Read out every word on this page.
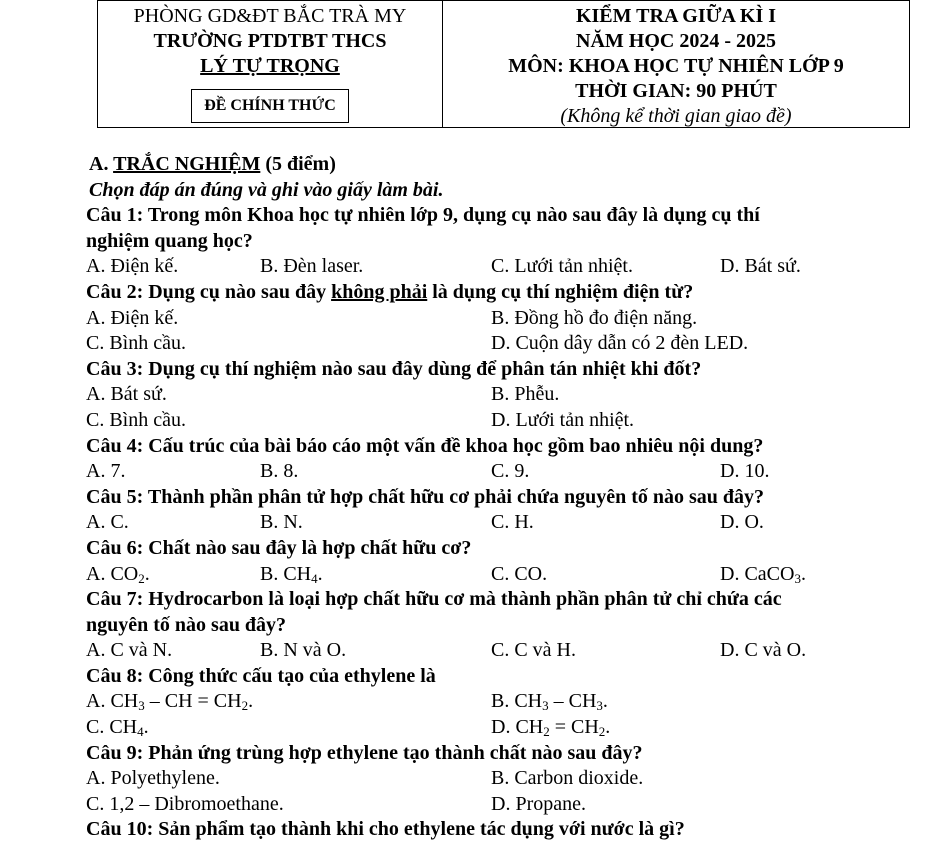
PHÒNG GD&ĐT BẮC TRÀ MY
TRƯỜNG PTDTBT THCS
LÝ TỰ TRỌNG
ĐỀ CHÍNH THỨC
KIỂM TRA GIỮA KÌ I
NĂM HỌC 2024 - 2025
MÔN: KHOA HỌC TỰ NHIÊN LỚP 9
THỜI GIAN: 90 PHÚT
(Không kể thời gian giao đề)
A. TRẮC NGHIỆM (5 điểm)
Chọn đáp án đúng và ghi vào giấy làm bài.
Câu 1: Trong môn Khoa học tự nhiên lớp 9, dụng cụ nào sau đây là dụng cụ thí
nghiệm quang học?
A. Điện kế.	B. Đèn laser.	C. Lưới tản nhiệt.	D. Bát sứ.
Câu 2: Dụng cụ nào sau đây không phải là dụng cụ thí nghiệm điện từ?
A. Điện kế.	B. Đồng hồ đo điện năng.
C. Bình cầu.	D. Cuộn dây dẫn có 2 đèn LED.
Câu 3: Dụng cụ thí nghiệm nào sau đây dùng để phân tán nhiệt khi đốt?
A. Bát sứ.	B. Phễu.
C. Bình cầu.	D. Lưới tản nhiệt.
Câu 4: Cấu trúc của bài báo cáo một vấn đề khoa học gồm bao nhiêu nội dung?
A. 7.	B. 8.	C. 9.	D. 10.
Câu 5: Thành phần phân tử hợp chất hữu cơ phải chứa nguyên tố nào sau đây?
A. C.	B. N.	C. H.	D. O.
Câu 6: Chất nào sau đây là hợp chất hữu cơ?
A. $CO_2$.	B. $CH_4$.	C. CO.	D. CaCO$_3$.
Câu 7: Hydrocarbon là loại hợp chất hữu cơ mà thành phần phân tử chỉ chứa các
nguyên tố nào sau đây?
A. C và N.	B. N và O.	C. C và H.	D. C và O.
Câu 8: Công thức cấu tạo của ethylene là
A. $CH_3$ – CH = $CH_2$.	B. $CH_3 - CH_3$.
C. $CH_4$.	D. $CH_2 = CH_2$.
Câu 9: Phản ứng trùng hợp ethylene tạo thành chất nào sau đây?
A. Polyethylene.	B. Carbon dioxide.
C. 1,2 – Dibromoethane.	D. Propane.
Câu 10: Sản phẩm tạo thành khi cho ethylene tác dụng với nước là gì?
